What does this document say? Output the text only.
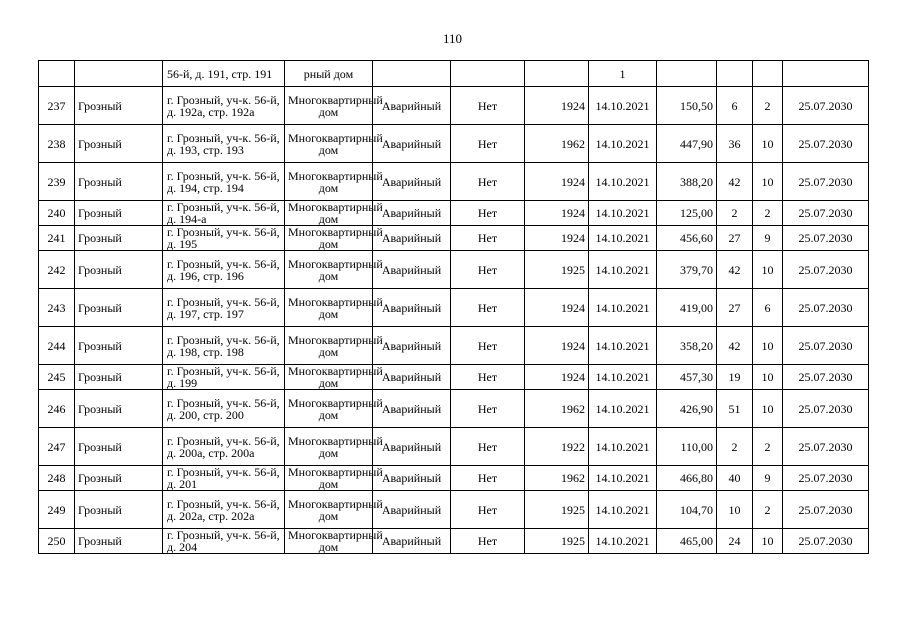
110

		56-й, д. 191, стр. 191	рный дом				1				

237	Грозный	г. Грозный, уч-к. 56-й, д. 192а, стр. 192а	Многоквартирный дом	Аварийный	Нет	1924	14.10.2021	150,50	6	2	25.07.2030
238	Грозный	г. Грозный, уч-к. 56-й, д. 193, стр. 193	Многоквартирный дом	Аварийный	Нет	1962	14.10.2021	447,90	36	10	25.07.2030
239	Грозный	г. Грозный, уч-к. 56-й, д. 194, стр. 194	Многоквартирный дом	Аварийный	Нет	1924	14.10.2021	388,20	42	10	25.07.2030
240	Грозный	г. Грозный, уч-к. 56-й, д. 194-а	Многоквартирный дом	Аварийный	Нет	1924	14.10.2021	125,00	2	2	25.07.2030
241	Грозный	г. Грозный, уч-к. 56-й, д. 195	Многоквартирный дом	Аварийный	Нет	1924	14.10.2021	456,60	27	9	25.07.2030
242	Грозный	г. Грозный, уч-к. 56-й, д. 196, стр. 196	Многоквартирный дом	Аварийный	Нет	1925	14.10.2021	379,70	42	10	25.07.2030
243	Грозный	г. Грозный, уч-к. 56-й, д. 197, стр. 197	Многоквартирный дом	Аварийный	Нет	1924	14.10.2021	419,00	27	6	25.07.2030
244	Грозный	г. Грозный, уч-к. 56-й, д. 198, стр. 198	Многоквартирный дом	Аварийный	Нет	1924	14.10.2021	358,20	42	10	25.07.2030
245	Грозный	г. Грозный, уч-к. 56-й, д. 199	Многоквартирный дом	Аварийный	Нет	1924	14.10.2021	457,30	19	10	25.07.2030
246	Грозный	г. Грозный, уч-к. 56-й, д. 200, стр. 200	Многоквартирный дом	Аварийный	Нет	1962	14.10.2021	426,90	51	10	25.07.2030
247	Грозный	г. Грозный, уч-к. 56-й, д. 200а, стр. 200а	Многоквартирный дом	Аварийный	Нет	1922	14.10.2021	110,00	2	2	25.07.2030
248	Грозный	г. Грозный, уч-к. 56-й, д. 201	Многоквартирный дом	Аварийный	Нет	1962	14.10.2021	466,80	40	9	25.07.2030
249	Грозный	г. Грозный, уч-к. 56-й, д. 202а, стр. 202а	Многоквартирный дом	Аварийный	Нет	1925	14.10.2021	104,70	10	2	25.07.2030
250	Грозный	г. Грозный, уч-к. 56-й, д. 204	Многоквартирный дом	Аварийный	Нет	1925	14.10.2021	465,00	24	10	25.07.2030
